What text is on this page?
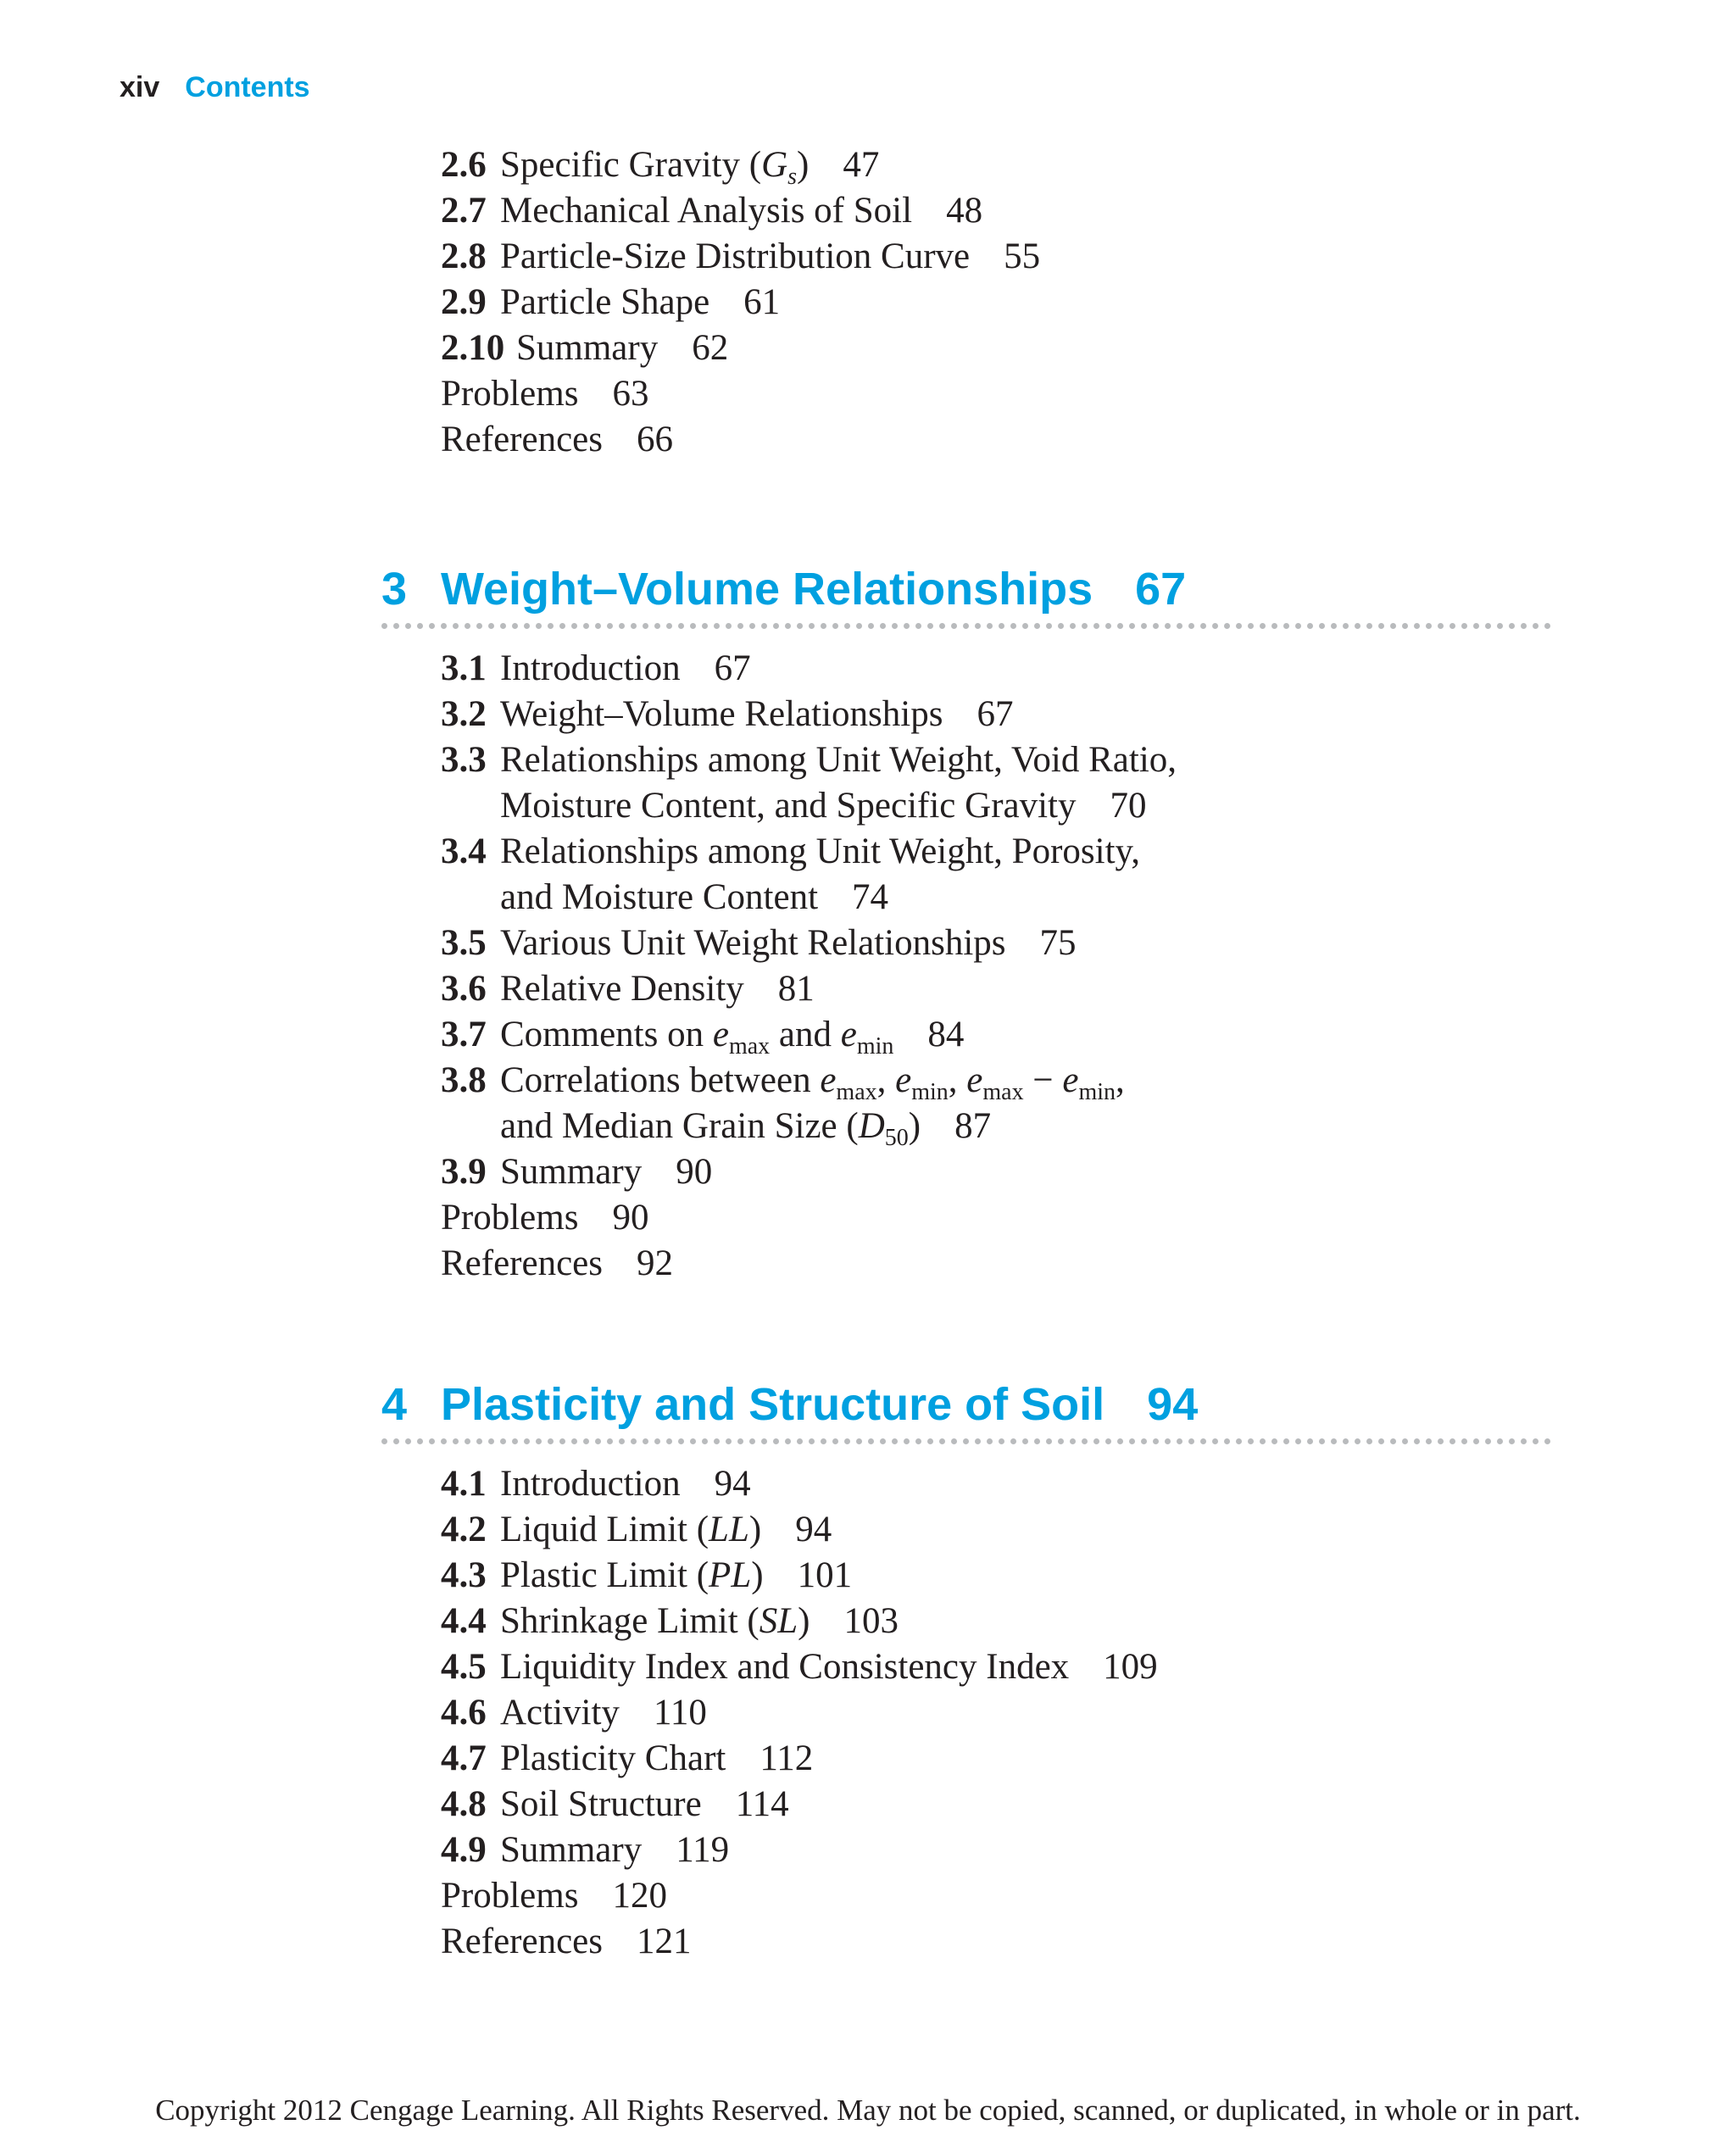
xiv Contents
2.6 Specific Gravity $(G_s)$ 47
2.7 Mechanical Analysis of Soil 48
2.8 Particle-Size Distribution Curve 55
2.9 Particle Shape 61
2.10 Summary 62
Problems 63
References 66
3 Weight–Volume Relationships 67
3.1 Introduction 67
3.2 Weight–Volume Relationships 67
3.3 Relationships among Unit Weight, Void Ratio,
Moisture Content, and Specific Gravity 70
3.4 Relationships among Unit Weight, Porosity,
and Moisture Content 74
3.5 Various Unit Weight Relationships 75
3.6 Relative Density 81
3.7 Comments on $e_{max}$ and $e_{min}$ 84
3.8 Correlations between $e_{max}$, $e_{min}$, $e_{max} - e_{min}$,
and Median Grain Size $(D_{50})$ 87
3.9 Summary 90
Problems 90
References 92
4 Plasticity and Structure of Soil 94
4.1 Introduction 94
4.2 Liquid Limit (LL) 94
4.3 Plastic Limit (PL) 101
4.4 Shrinkage Limit (SL) 103
4.5 Liquidity Index and Consistency Index 109
4.6 Activity 110
4.7 Plasticity Chart 112
4.8 Soil Structure 114
4.9 Summary 119
Problems 120
References 121
Copyright 2012 Cengage Learning. All Rights Reserved. May not be copied, scanned, or duplicated, in whole or in part.
